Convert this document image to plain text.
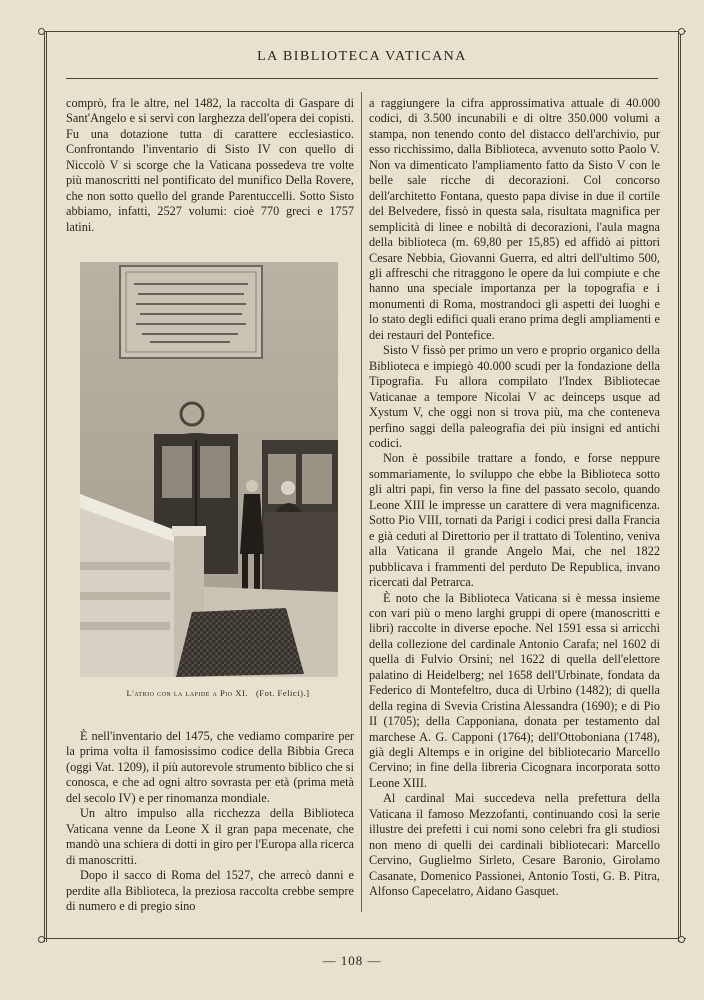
LA BIBLIOTECA VATICANA

comprò, fra le altre, nel 1482, la raccolta di Gaspare di Sant'Angelo e si servì con larghezza dell'opera dei copisti. Fu una dotazione tutta di carattere ecclesiastico. Confrontando l'inventario di Sisto IV con quello di Niccolò V si scorge che la Vaticana possedeva tre volte più manoscritti nel pontificato del munifico Della Rovere, che non sotto quello del grande Parentuccelli. Sotto Sisto abbiamo, infatti, 2527 volumi: cioè 770 greci e 1757 latini.

L'atrio con la lapide a Pio XI. (Fot. Felici).]

È nell'inventario del 1475, che vediamo comparire per la prima volta il famosissimo codice della Bibbia Greca (oggi Vat. 1209), il più autorevole strumento biblico che si conosca, e che ad ogni altro sovrasta per età (prima metà del secolo IV) e per rinomanza mondiale.

Un altro impulso alla ricchezza della Biblioteca Vaticana venne da Leone X il gran papa mecenate, che mandò una schiera di dotti in giro per l'Europa alla ricerca di manoscritti.

Dopo il sacco di Roma del 1527, che arrecò danni e perdite alla Biblioteca, la preziosa raccolta crebbe sempre di numero e di pregio sino

a raggiungere la cifra approssimativa attuale di 40.000 codici, di 3.500 incunabili e di oltre 350.000 volumi a stampa, non tenendo conto del distacco dell'archivio, pur esso ricchissimo, dalla Biblioteca, avvenuto sotto Paolo V. Non va dimenticato l'ampliamento fatto da Sisto V con le belle sale ricche di decorazioni. Col concorso dell'architetto Fontana, questo papa divise in due il cortile del Belvedere, fissò in questa sala, risultata magnifica per semplicità di linee e nobiltà di decorazioni, l'aula magna della biblioteca (m. 69,80 per 15,85) ed affidò ai pittori Cesare Nebbia, Giovanni Guerra, ed altri dell'ultimo 500, gli affreschi che ritraggono le opere da lui compiute e che hanno una speciale importanza per la topografia e i monumenti di Roma, mostrandoci gli aspetti dei luoghi e lo stato degli edifici quali erano prima degli ampliamenti e dei restauri del Pontefice.

Sisto V fissò per primo un vero e proprio organico della Biblioteca e impiegò 40.000 scudi per la fondazione della Tipografia. Fu allora compilato l'Index Bibliotecae Vaticanae a tempore Nicolai V ac deinceps usque ad Xystum V, che oggi non si trova più, ma che conteneva perfino saggi della paleografia dei più insigni ed antichi codici.

Non è possibile trattare a fondo, e forse neppure sommariamente, lo sviluppo che ebbe la Biblioteca sotto gli altri papi, fin verso la fine del passato secolo, quando Leone XIII le impresse un carattere di vera magnificenza. Sotto Pio VIII, tornati da Parigi i codici presi dalla Francia e già ceduti al Direttorio per il trattato di Tolentino, veniva alla Vaticana il grande Angelo Mai, che nel 1822 pubblicava i frammenti del perduto De Republica, invano ricercati dal Petrarca.

È noto che la Biblioteca Vaticana si è messa insieme con vari più o meno larghi gruppi di opere (manoscritti e libri) raccolte in diverse epoche. Nel 1591 essa si arricchì della collezione del cardinale Antonio Carafa; nel 1602 di quella di Fulvio Orsini; nel 1622 di quella dell'elettore palatino di Heidelberg; nel 1658 dell'Urbinate, fondata da Federico di Montefeltro, duca di Urbino (1482); di quella della regina di Svevia Cristina Alessandra (1690); e di Pio II (1705); della Capponiana, donata per testamento dal marchese A. G. Capponi (1764); dell'Ottoboniana (1748), già degli Altemps e in origine del bibliotecario Marcello Cervino; in fine della libreria Cicognara incorporata sotto Leone XIII.

Al cardinal Mai succedeva nella prefettura della Vaticana il famoso Mezzofanti, continuando così la serie illustre dei prefetti i cui nomi sono celebri fra gli studiosi non meno di quelli dei cardinali bibliotecari: Marcello Cervino, Guglielmo Sirleto, Cesare Baronio, Girolamo Casanate, Domenico Passionei, Antonio Tosti, G. B. Pitra, Alfonso Capecelatro, Aidano Gasquet.

— 108 —
